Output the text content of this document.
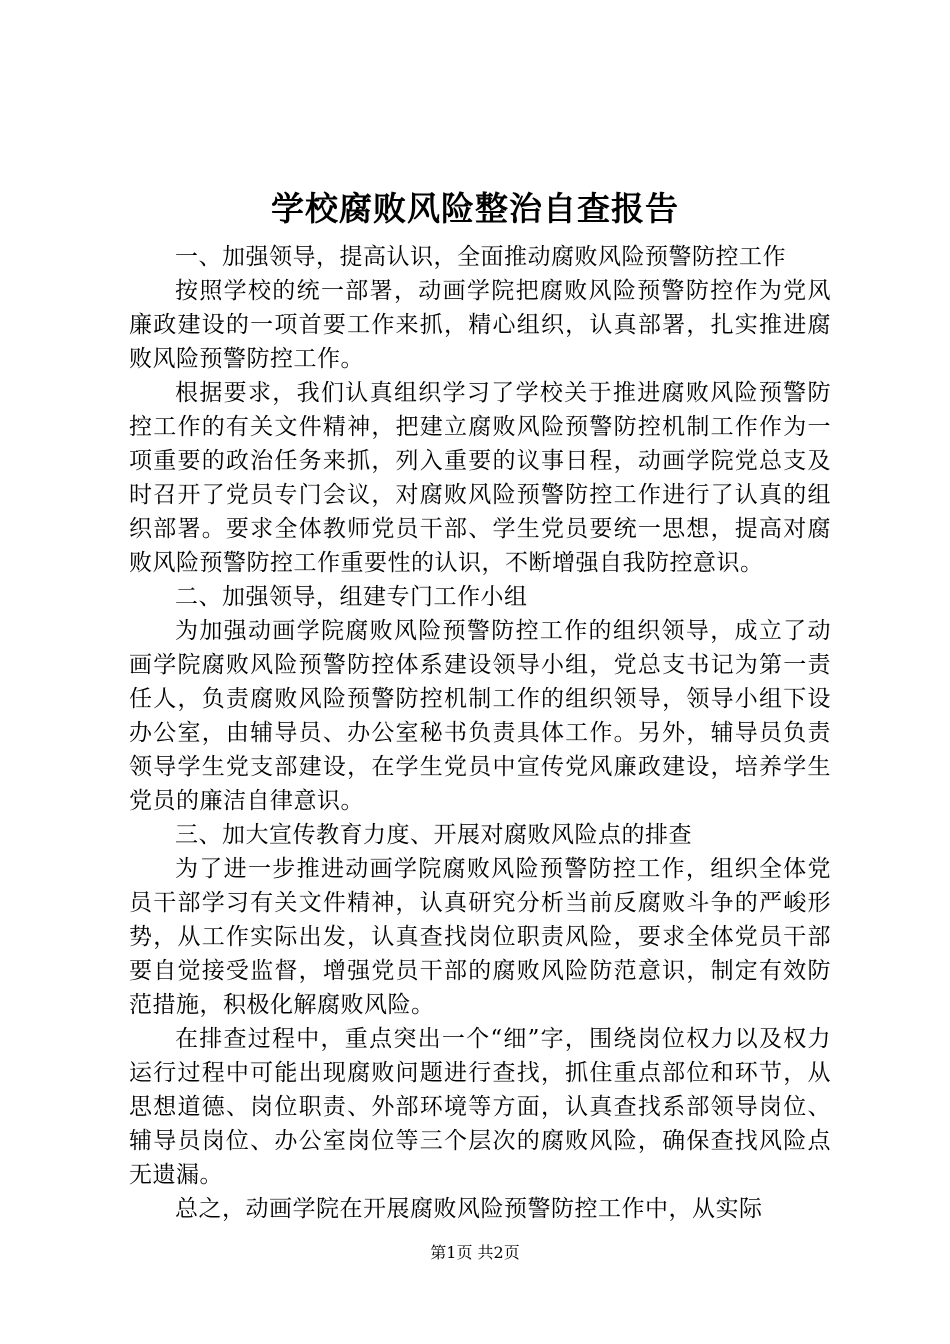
学校腐败风险整治自查报告

一、加强领导，提高认识，全面推动腐败风险预警防控工作

按照学校的统一部署，动画学院把腐败风险预警防控作为党风廉政建设的一项首要工作来抓，精心组织，认真部署，扎实推进腐败风险预警防控工作。

根据要求，我们认真组织学习了学校关于推进腐败风险预警防控工作的有关文件精神，把建立腐败风险预警防控机制工作作为一项重要的政治任务来抓，列入重要的议事日程，动画学院党总支及时召开了党员专门会议，对腐败风险预警防控工作进行了认真的组织部署。要求全体教师党员干部、学生党员要统一思想，提高对腐败风险预警防控工作重要性的认识，不断增强自我防控意识。

二、加强领导，组建专门工作小组

为加强动画学院腐败风险预警防控工作的组织领导，成立了动画学院腐败风险预警防控体系建设领导小组，党总支书记为第一责任人，负责腐败风险预警防控机制工作的组织领导，领导小组下设办公室，由辅导员、办公室秘书负责具体工作。另外，辅导员负责领导学生党支部建设，在学生党员中宣传党风廉政建设，培养学生党员的廉洁自律意识。

三、加大宣传教育力度、开展对腐败风险点的排查

为了进一步推进动画学院腐败风险预警防控工作，组织全体党员干部学习有关文件精神，认真研究分析当前反腐败斗争的严峻形势，从工作实际出发，认真查找岗位职责风险，要求全体党员干部要自觉接受监督，增强党员干部的腐败风险防范意识，制定有效防范措施，积极化解腐败风险。

在排查过程中，重点突出一个“细”字，围绕岗位权力以及权力运行过程中可能出现腐败问题进行查找，抓住重点部位和环节，从思想道德、岗位职责、外部环境等方面，认真查找系部领导岗位、辅导员岗位、办公室岗位等三个层次的腐败风险，确保查找风险点无遗漏。

总之，动画学院在开展腐败风险预警防控工作中，从实际

第1页 共2页
